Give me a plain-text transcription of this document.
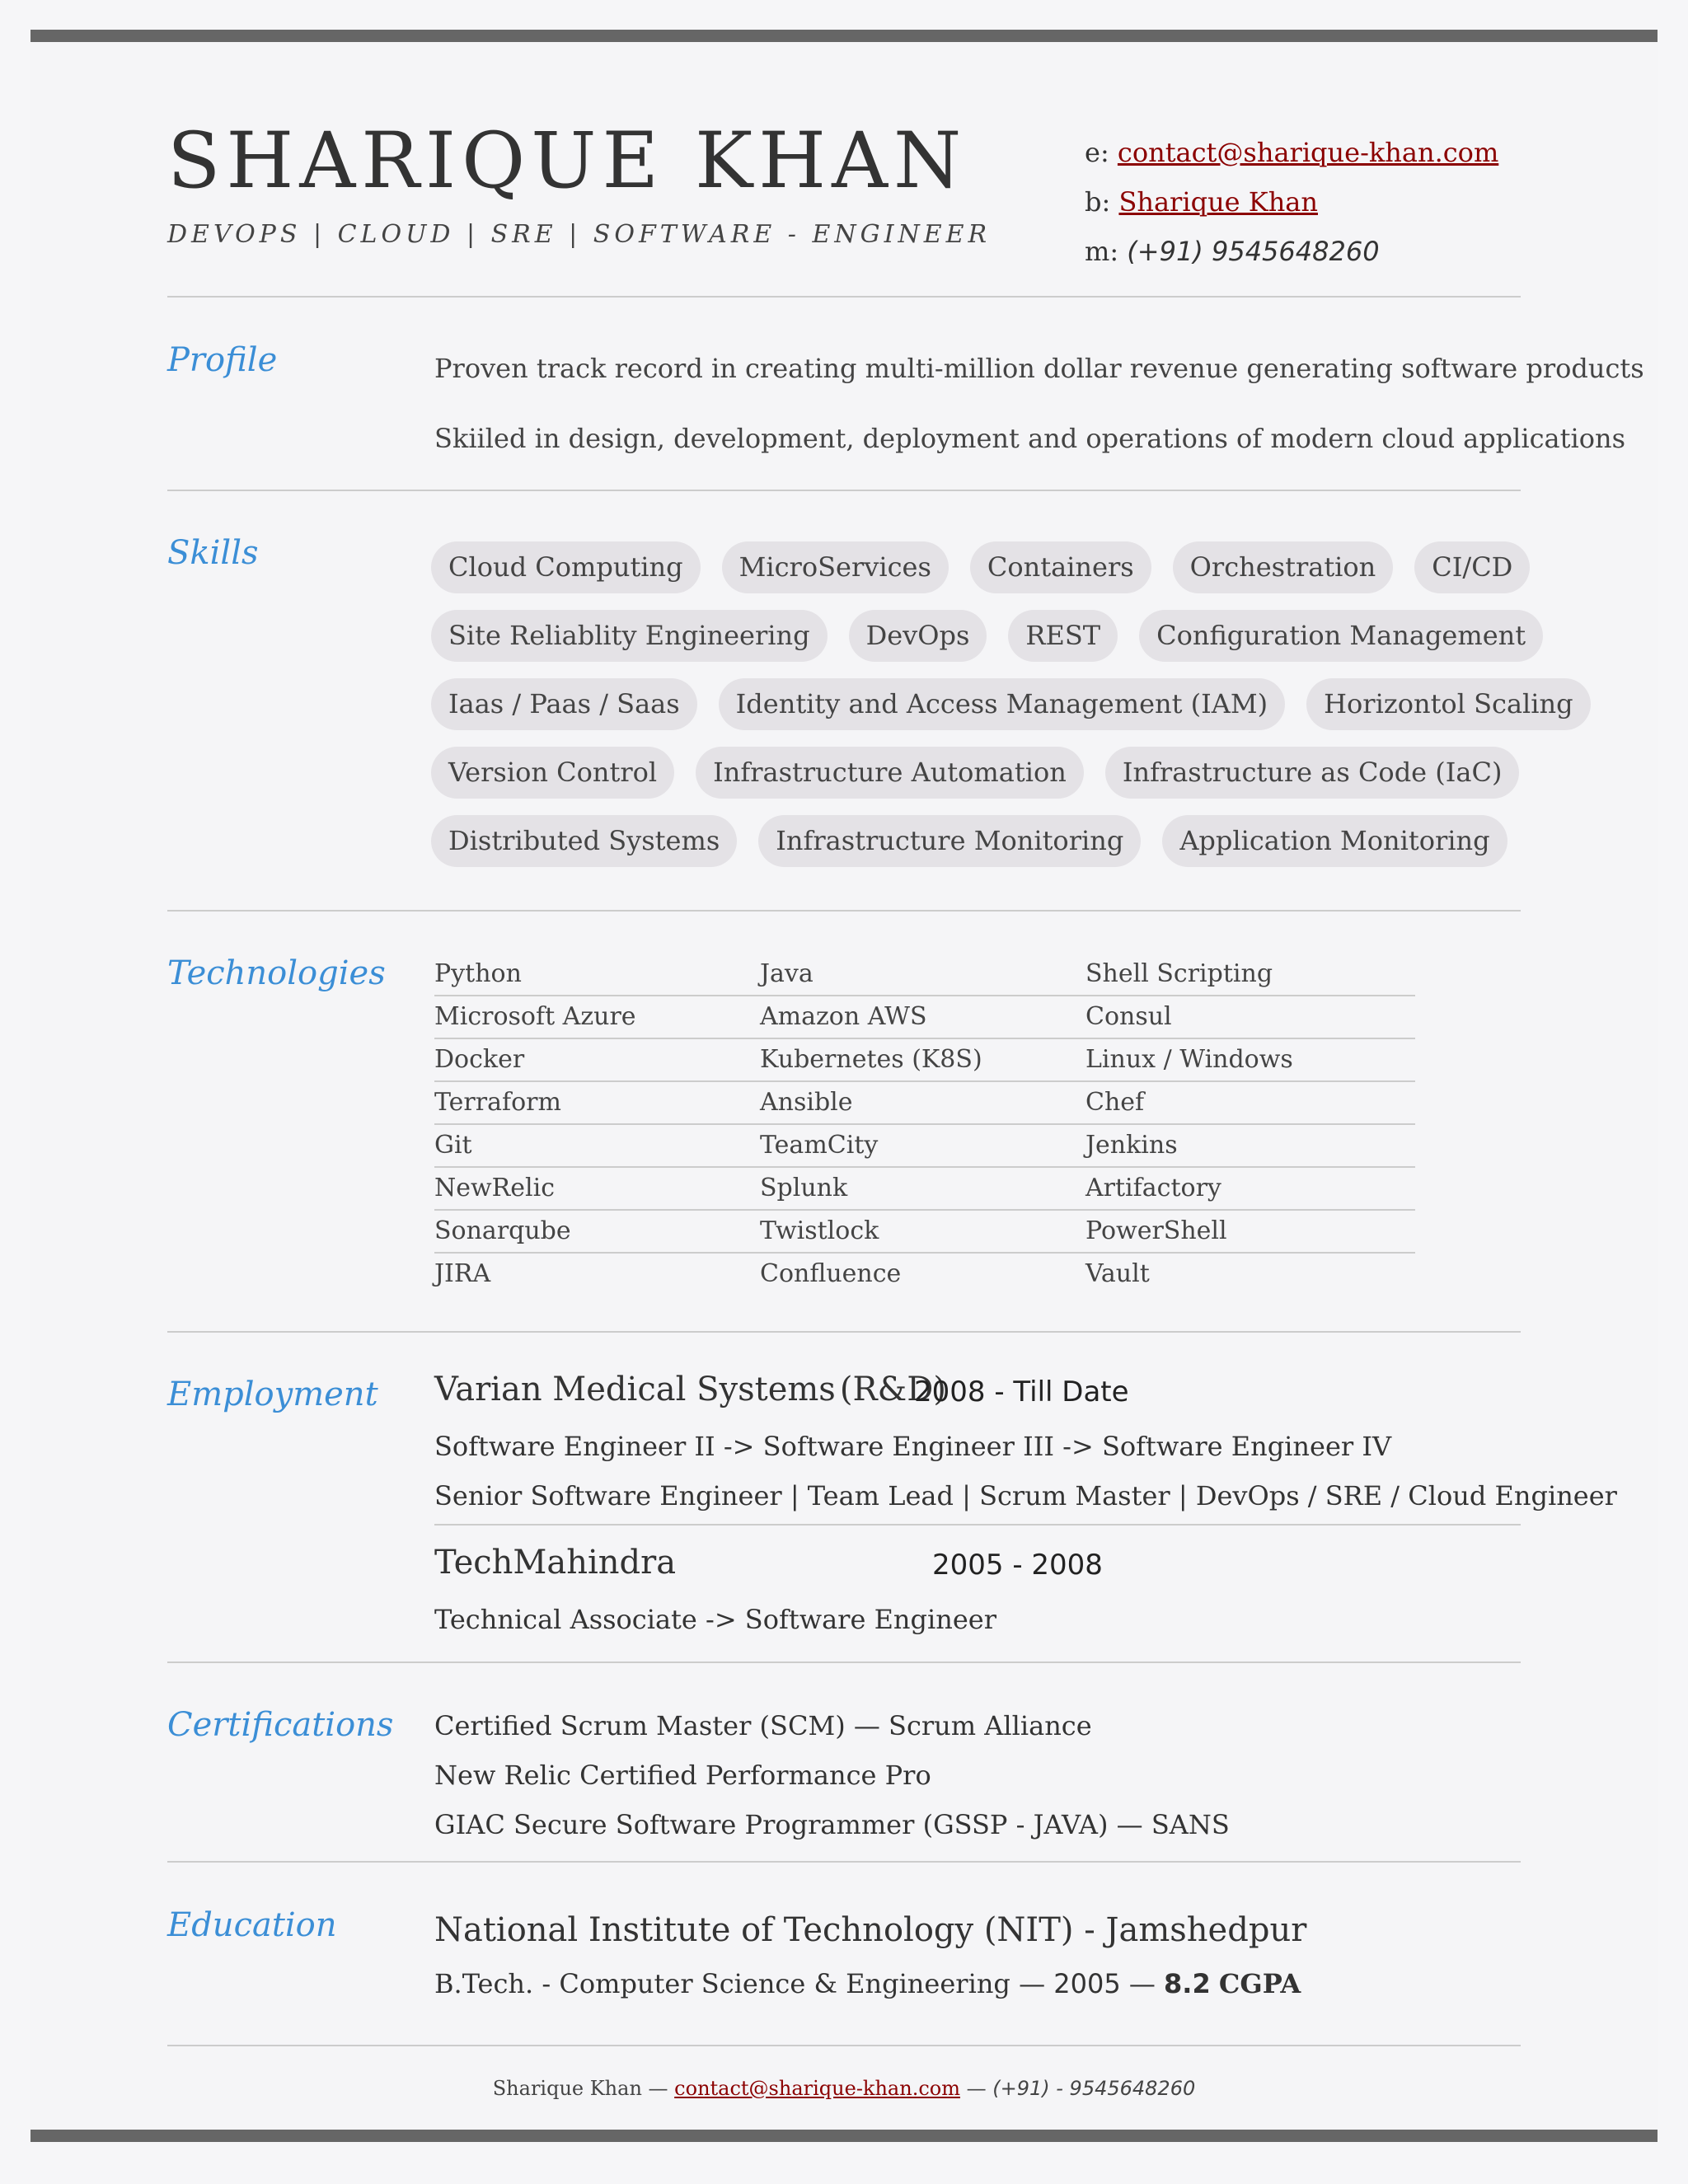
SHARIQUE KHAN
DEVOPS | CLOUD | SRE | SOFTWARE - ENGINEER
e: contact@sharique-khan.com
b: Sharique Khan
m: (+91) 9545648260
Profile	Proven track record in creating multi-million dollar revenue generating software products
Skiiled in design, development, deployment and operations of modern cloud applications
Skills	Cloud Computing	MicroServices	Containers	Orchestration	CI/CD
Site Reliablity Engineering	DevOps	REST	Configuration Management
Iaas / Paas / Saas	Identity and Access Management (IAM)	Horizontol Scaling
Version Control	Infrastructure Automation	Infrastructure as Code (IaC)
Distributed Systems	Infrastructure Monitoring	Application Monitoring
Technologies Python	Java	Shell Scripting
Microsoft Azure	Amazon AWS	Consul
Docker	Kubernetes (K8S)	Linux / Windows
Terraform	Ansible	Chef
Git	TeamCity	Jenkins
NewRelic	Splunk	Artifactory
Sonarqube	Twistlock	PowerShell
JIRA	Confluence	Vault
Employment Varian Medical Systems (R&D)
2008 - Till Date
Software Engineer II -> Software Engineer III -> Software Engineer IV
Senior Software Engineer | Team Lead | Scrum Master | DevOps / SRE / Cloud Engineer
TechMahindra	2005 - 2008
Technical Associate -> Software Engineer
Certifications Certified Scrum Master (SCM) — Scrum Alliance
New Relic Certified Performance Pro
GIAC Secure Software Programmer (GSSP - JAVA) — SANS
Education	National Institute of Technology (NIT) - Jamshedpur
B.Tech. - Computer Science & Engineering — 2005 — 8.2 CGPA
Sharique Khan — contact@sharique-khan.com — (+91) - 9545648260
